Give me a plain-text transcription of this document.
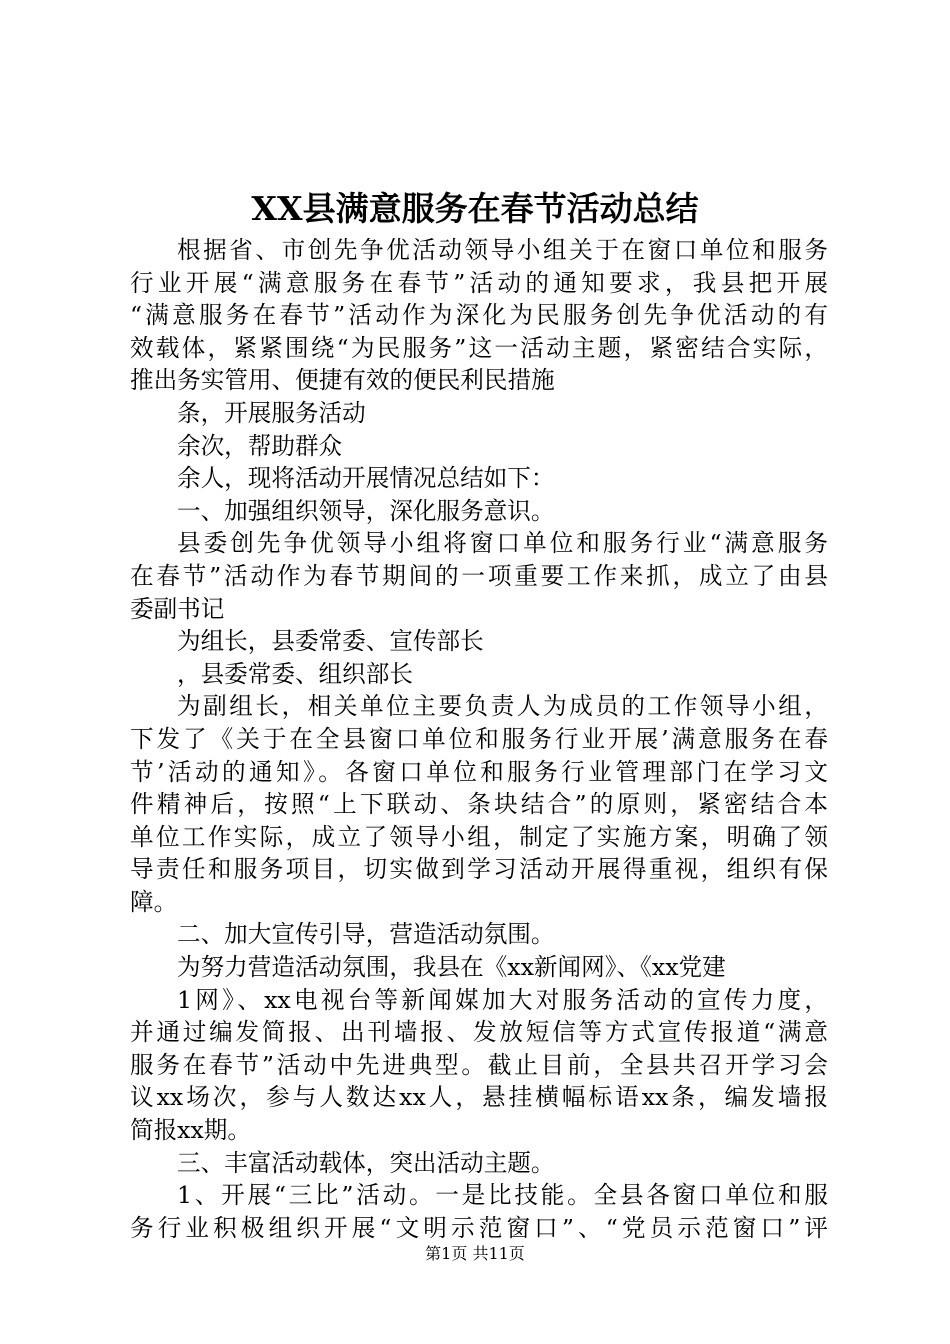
XX县满意服务在春节活动总结
根据省、市创先争优活动领导小组关于在窗口单位和服务
行业开展“满意服务在春节”活动的通知要求，我县把开展
“满意服务在春节”活动作为深化为民服务创先争优活动的有
效载体，紧紧围绕“为民服务”这一活动主题，紧密结合实际，
推出务实管用、便捷有效的便民利民措施
条，开展服务活动
余次，帮助群众
余人，现将活动开展情况总结如下：
一、加强组织领导，深化服务意识。
县委创先争优领导小组将窗口单位和服务行业“满意服务
在春节”活动作为春节期间的一项重要工作来抓，成立了由县
委副书记
为组长，县委常委、宣传部长
，县委常委、组织部长
为副组长，相关单位主要负责人为成员的工作领导小组，
下发了《关于在全县窗口单位和服务行业开展’满意服务在春
节’活动的通知》。各窗口单位和服务行业管理部门在学习文
件精神后，按照“上下联动、条块结合”的原则，紧密结合本
单位工作实际，成立了领导小组，制定了实施方案，明确了领
导责任和服务项目，切实做到学习活动开展得重视，组织有保
障。
二、加大宣传引导，营造活动氛围。
为努力营造活动氛围，我县在《xx新闻网》、《xx党建
1网》、xx电视台等新闻媒加大对服务活动的宣传力度，
并通过编发简报、出刊墙报、发放短信等方式宣传报道“满意
服务在春节”活动中先进典型。截止目前，全县共召开学习会
议xx场次，参与人数达xx人，悬挂横幅标语xx条，编发墙报
简报xx期。
三、丰富活动载体，突出活动主题。
1、开展“三比”活动。一是比技能。全县各窗口单位和服
务行业积极组织开展“文明示范窗口”、“党员示范窗口”评
第1页 共11页
